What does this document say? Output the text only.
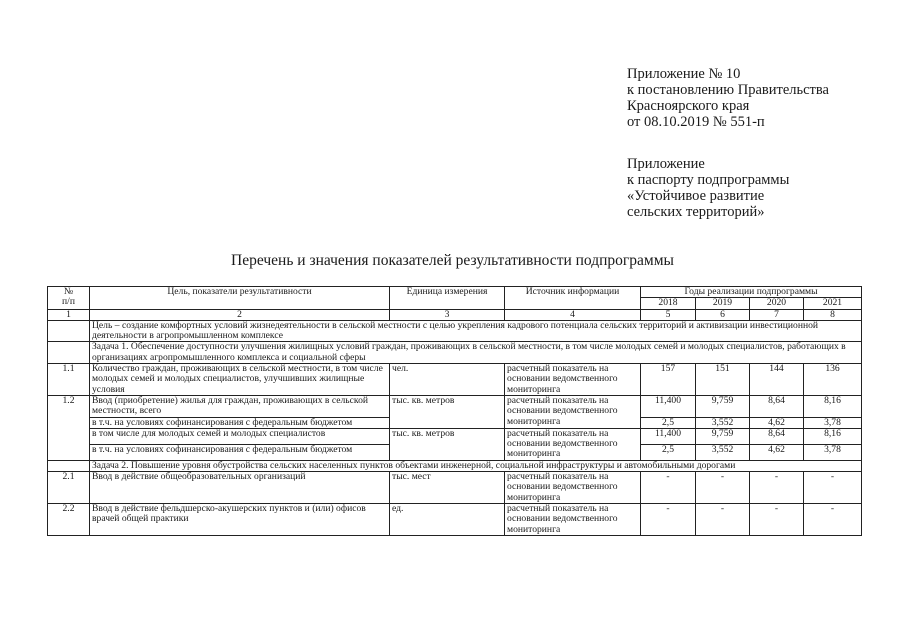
Приложение № 10
к постановлению Правительства
Красноярского края
от 08.10.2019 № 551-п
Приложение
к паспорту подпрограммы
«Устойчивое развитие
сельских территорий»
Перечень и значения показателей результативности подпрограммы
№
п/п	Цель, показатели результативности	Единица измерения	Источник информации	Годы реализации подпрограммы			
				2018	2019	2020	2021
1	2	3	4	5	6	7	8
	Цель – создание комфортных условий жизнедеятельности в сельской местности с целью укрепления кадрового потенциала сельских территорий и активизации инвестиционной деятельности в агропромышленном комплексе						
	Задача 1. Обеспечение доступности улучшения жилищных условий граждан, проживающих в сельской местности, в том числе молодых семей и молодых специалистов, работающих в организациях агропромышленного комплекса и социальной сферы						
1.1	Количество граждан, проживающих в сельской местности, в том числе молодых семей и молодых специалистов, улучшивших жилищные условия	чел.	расчетный показатель на основании ведомственного мониторинга	157	151	144	136
1.2	Ввод (приобретение) жилья для граждан, проживающих в сельской местности, всего	тыс. кв. метров	расчетный показатель на основании ведомственного мониторинга	11,400	9,759	8,64	8,16
	в т.ч. на условиях софинансирования с федеральным бюджетом			2,5	3,552	4,62	3,78
	в том числе для молодых семей и молодых специалистов	тыс. кв. метров	расчетный показатель на основании ведомственного мониторинга	11,400	9,759	8,64	8,16
	в т.ч. на условиях софинансирования с федеральным бюджетом			2,5	3,552	4,62	3,78
	Задача 2. Повышение уровня обустройства сельских населенных пунктов объектами инженерной, социальной инфраструктуры и автомобильными дорогами						
2.1	Ввод в действие общеобразовательных организаций	тыс. мест	расчетный показатель на основании ведомственного мониторинга	-	-	-	-
2.2	Ввод в действие фельдшерско-акушерских пунктов и (или) офисов врачей общей практики	ед.	расчетный показатель на основании ведомственного мониторинга	-	-	-	-
